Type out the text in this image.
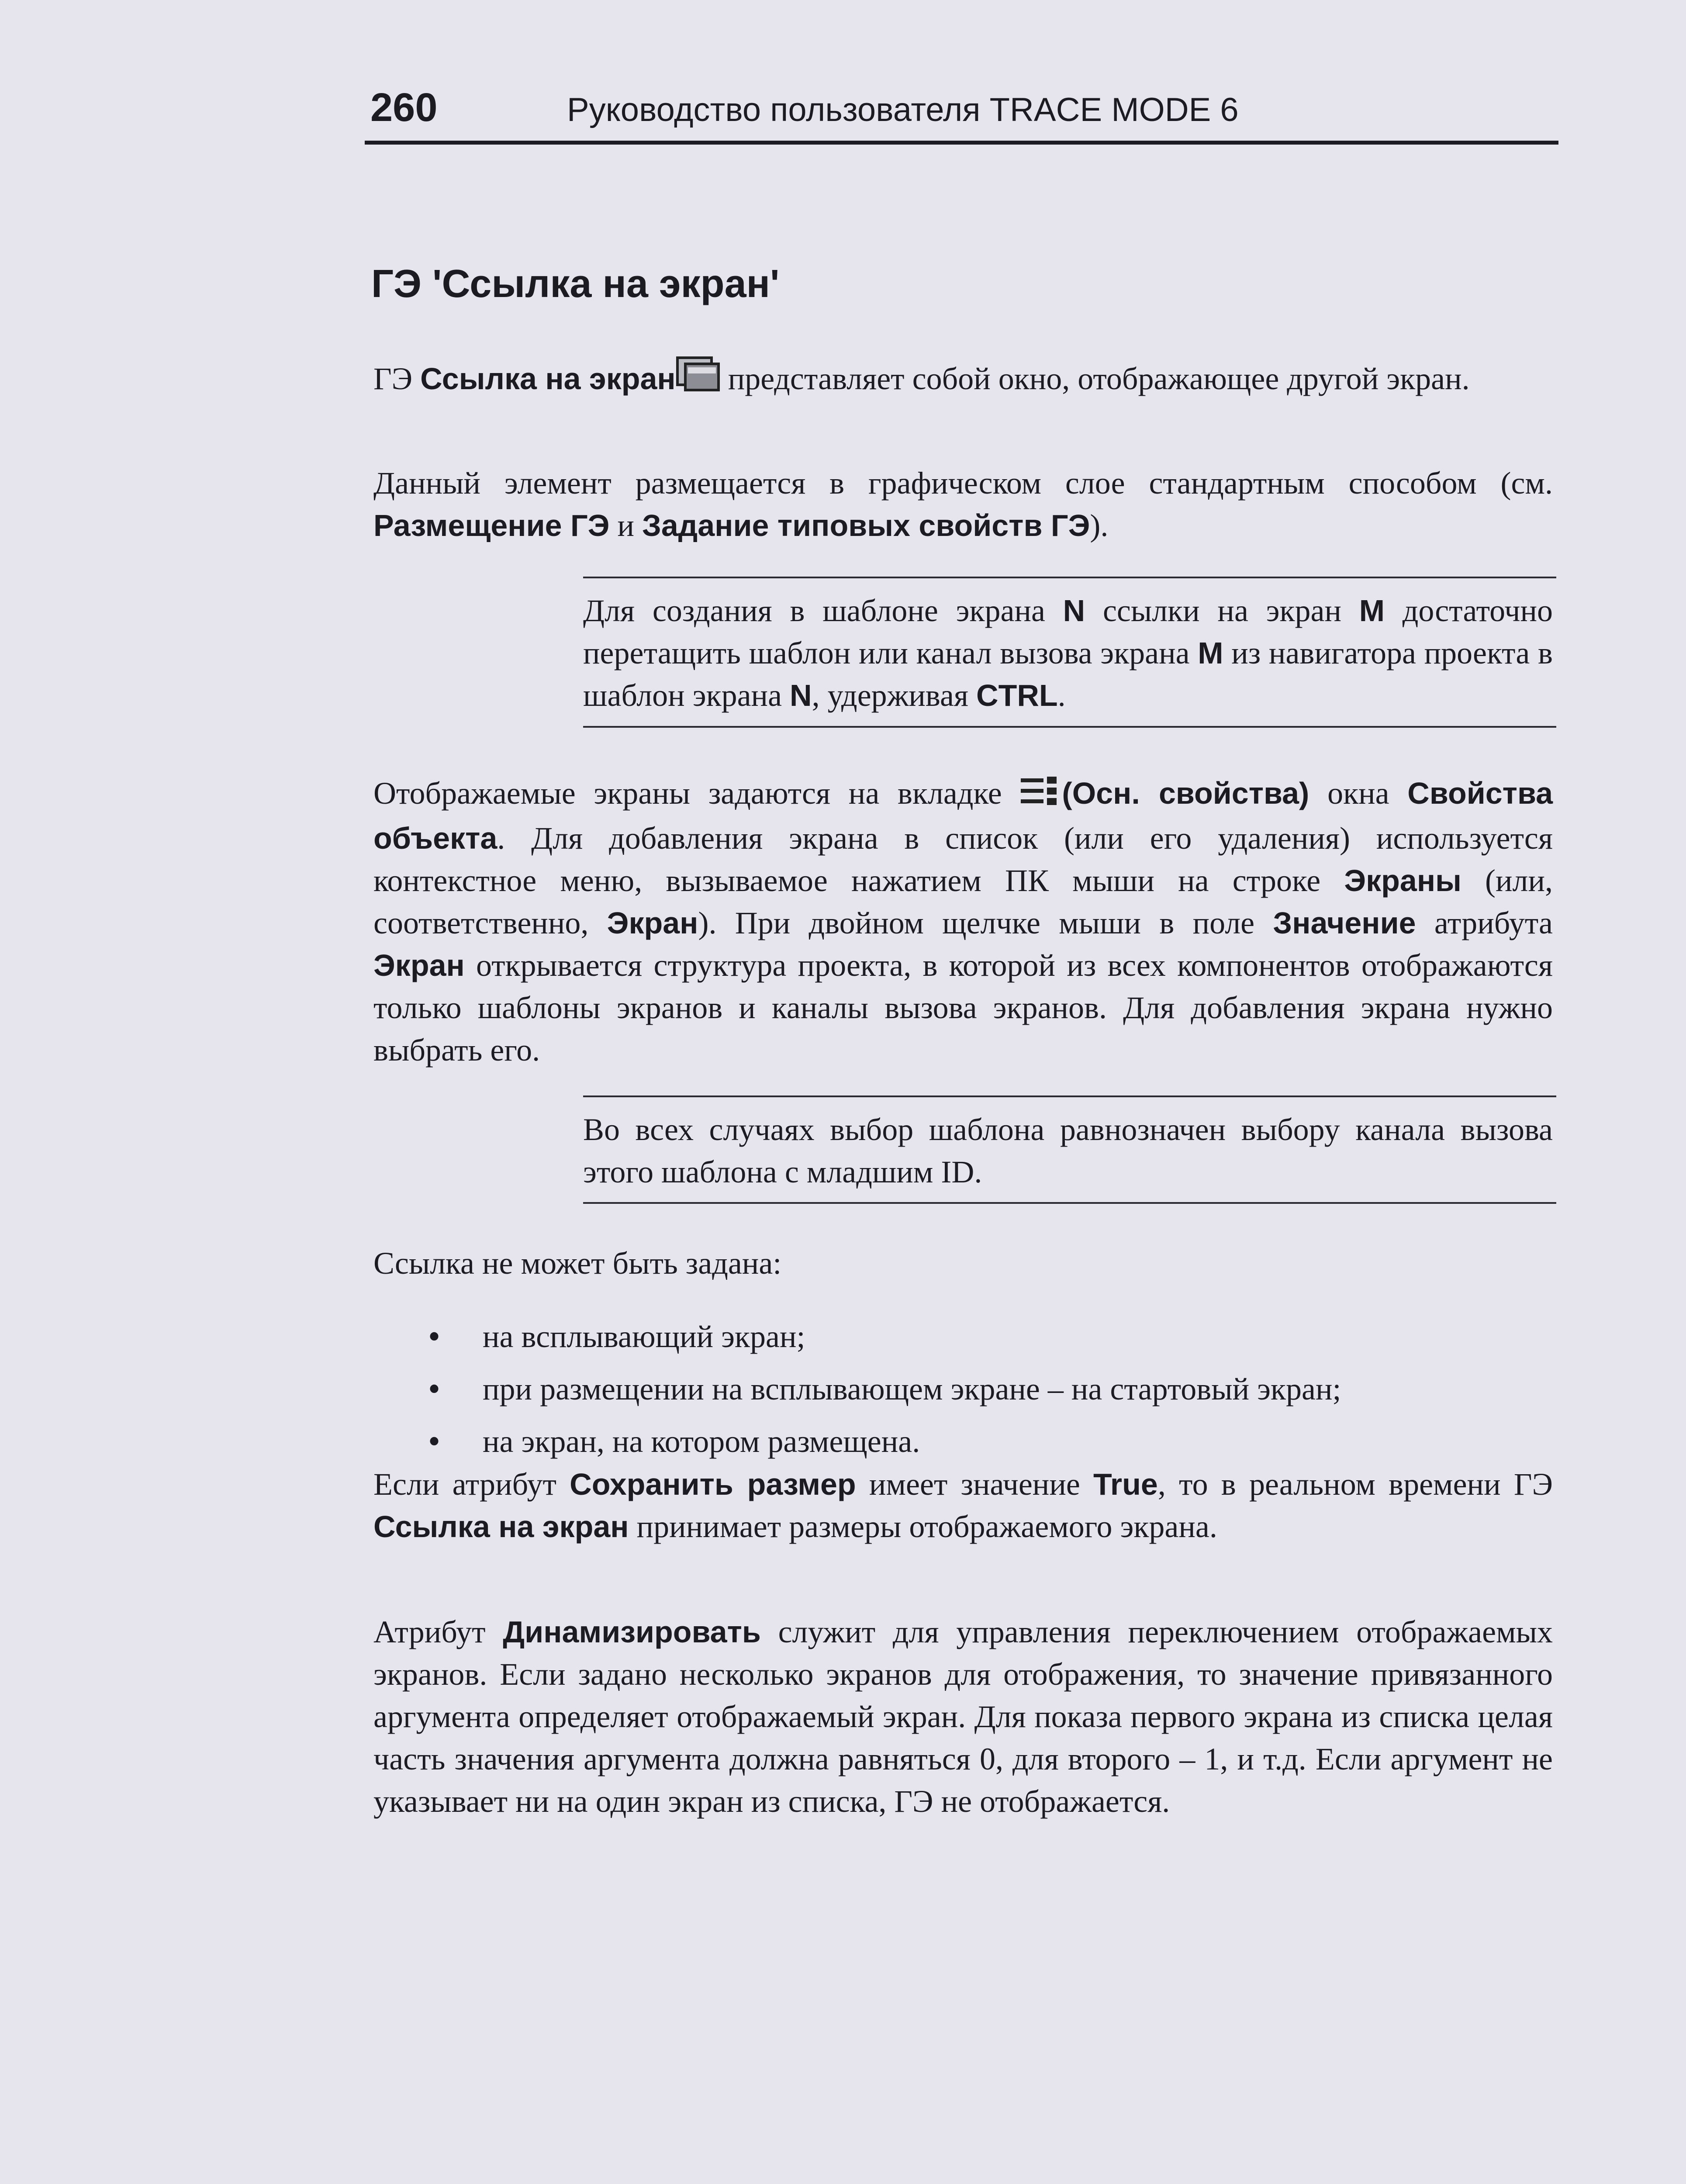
260	Руководство пользователя TRACE MODE 6
ГЭ 'Ссылка на экран'

ГЭ Ссылка на экран представляет собой окно, отображающее другой экран.

Данный элемент размещается в графическом слое стандартным способом (см. Размещение ГЭ и Задание типовых свойств ГЭ).

Для создания в шаблоне экрана N ссылки на экран M достаточно перетащить шаблон или канал вызова экрана M из навигатора проекта в шаблон экрана N, удерживая CTRL.

Отображаемые экраны задаются на вкладке (Осн. свойства) окна Свойства объекта. Для добавления экрана в список (или его удаления) используется контекстное меню, вызываемое нажатием ПК мыши на строке Экраны (или, соответственно, Экран). При двойном щелчке мыши в поле Значение атрибута Экран открывается структура проекта, в которой из всех компонентов отображаются только шаблоны экранов и каналы вызова экранов. Для добавления экрана нужно выбрать его.

Во всех случаях выбор шаблона равнозначен выбору канала вызова этого шаблона с младшим ID.

Ссылка не может быть задана:

• на всплывающий экран;
• при размещении на всплывающем экране – на стартовый экран;
• на экран, на котором размещена.

Если атрибут Сохранить размер имеет значение True, то в реальном времени ГЭ Ссылка на экран принимает размеры отображаемого экрана.

Атрибут Динамизировать служит для управления переключением отображаемых экранов. Если задано несколько экранов для отображения, то значение привязанного аргумента определяет отображаемый экран. Для показа первого экрана из списка целая часть значения аргумента должна равняться 0, для второго – 1, и т.д. Если аргумент не указывает ни на один экран из списка, ГЭ не отображается.
